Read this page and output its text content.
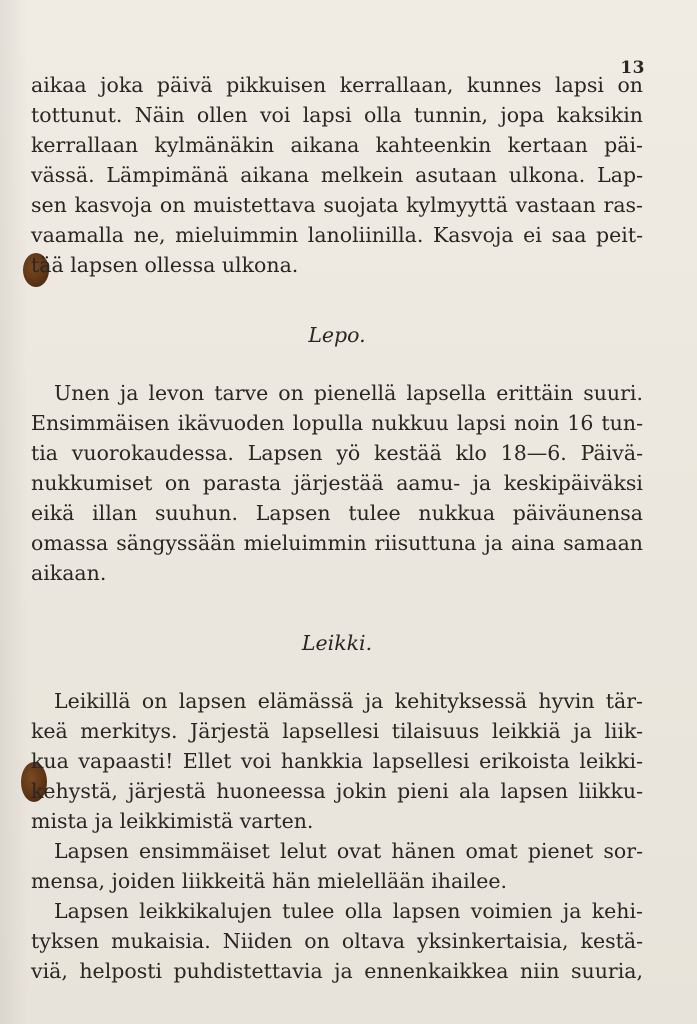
13
aikaa joka päivä pikkuisen kerrallaan, kunnes lapsi on
tottunut. Näin ollen voi lapsi olla tunnin, jopa kaksikin
kerrallaan kylmänäkin aikana kahteenkin kertaan päi-
vässä. Lämpimänä aikana melkein asutaan ulkona. Lap-
sen kasvoja on muistettava suojata kylmyyttä vastaan ras-
vaamalla ne, mieluimmin lanoliinilla. Kasvoja ei saa peit-
tää lapsen ollessa ulkona.
Lepo.
Unen ja levon tarve on pienellä lapsella erittäin suuri.
Ensimmäisen ikävuoden lopulla nukkuu lapsi noin 16 tun-
tia vuorokaudessa. Lapsen yö kestää klo 18—6. Päivä-
nukkumiset on parasta järjestää aamu- ja keskipäiväksi
eikä illan suuhun. Lapsen tulee nukkua päiväunensa
omassa sängyssään mieluimmin riisuttuna ja aina samaan
aikaan.
Leikki.
Leikillä on lapsen elämässä ja kehityksessä hyvin tär-
keä merkitys. Järjestä lapsellesi tilaisuus leikkiä ja liik-
kua vapaasti! Ellet voi hankkia lapsellesi erikoista leikki-
kehystä, järjestä huoneessa jokin pieni ala lapsen liikku-
mista ja leikkimistä varten.
Lapsen ensimmäiset lelut ovat hänen omat pienet sor-
mensa, joiden liikkeitä hän mielellään ihailee.
Lapsen leikkikalujen tulee olla lapsen voimien ja kehi-
tyksen mukaisia. Niiden on oltava yksinkertaisia, kestä-
viä, helposti puhdistettavia ja ennenkaikkea niin suuria,
